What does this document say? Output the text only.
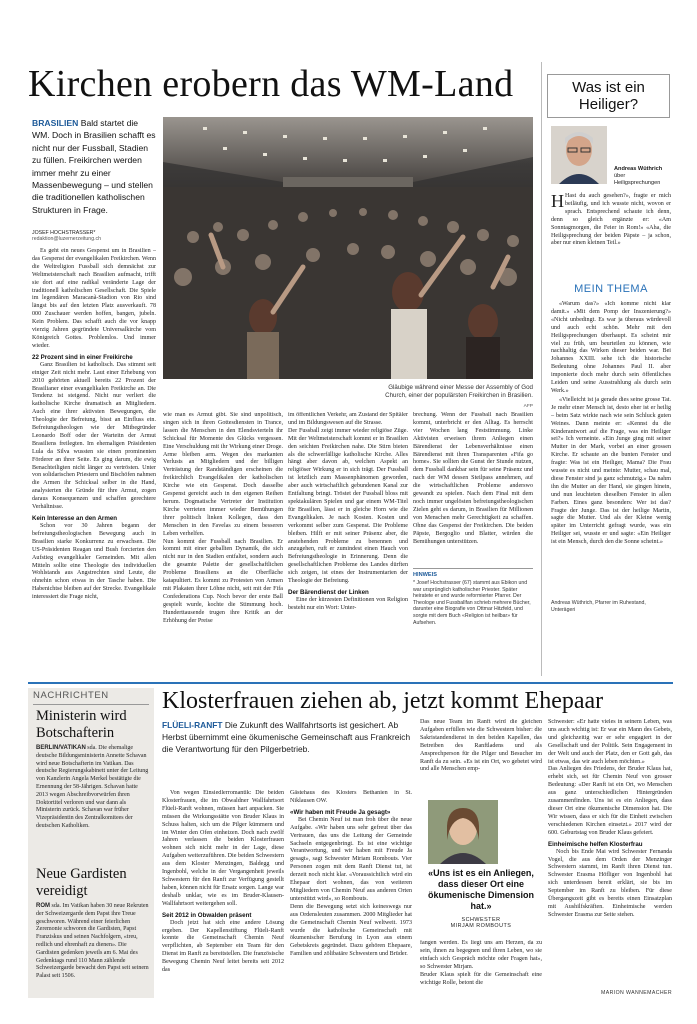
Kirchen erobern das WM-Land
BRASILIEN Bald startet die WM. Doch in Brasilien schafft es nicht nur der Fussball, Stadien zu füllen. Freikirchen werden immer mehr zu einer Massenbewegung – und stellen die traditionellen katholischen Strukturen in Frage.
JOSEF HOCHSTRASSER*
redaktion@luzernerzeitung.ch

Es geht ein neues Gespenst um in Brasilien – das Gespenst der evangelikalen Freikirchen. Wenn die Weltreligion Fussball sich demnächst zur Weltmeisterschaft nach Brasilien aufmacht, trifft sie dort auf eine radikal veränderte Lage der traditionell katholischen Gesellschaft. Die Spiele im legendären Maracanã-Stadion von Rio sind längst bis auf den letzten Platz ausverkauft. 78 000 Zuschauer werden hoffen, bangen, jubeln. Kein Problem. Das schafft auch die vor knapp vierzig Jahren gegründete Universalkirche vom Königreich Gottes. Problemlos. Und immer wieder.

22 Prozent sind in einer Freikirche

Ganz Brasilien ist katholisch. Das stimmt seit einiger Zeit nicht mehr. Laut einer Erhebung von 2010 gehörten aktuell bereits 22 Prozent der Brasilianer einer evangelikalen Freikirche an. Die Tendenz ist steigend. Nicht nur verliert die katholische Kirche dramatisch an Mitgliedern. Auch eine ihrer aktivsten Bewegungen, die Theologie der Befreiung, bisst an Einfluss ein. Befreiungstheologen wie der Mitbegründer Leonardo Boff oder der Warteitn der Armut Brasiliens freilegten. Im ehemaligen Präsidenten Lula da Silva wussten sie einen prominenten Förderer an ihrer Seite. Es ging darum, die ewig Benachteiligten nicht länger zu vertrösten. Unter von solidarischen Priestern und Bischöfen nahmen die Armen ihr Schicksal selber in die Hand, analysierten die Gründe für ihre Armut, zogen daraus Konsequenzen und schaffen gerechtere Verhältnisse.

Kein Interesse an den Armen

Schon vor 30 Jahren begann der befreiungstheologischen Bewegung auch in Brasilien starke Konkurrenz zu erwachsen. Die US-Präsidenten Reagan und Bush forcierten den Aufstieg evangelikaler Gemeinden. Mit allen Mitteln sollte eine Theologie des individuellen Wohlstands aus Angstrechten sind Leute, die ohnehin schon etwas in der Tasche haben. Die Habenichtse bleiben auf der Strecke. Evangelikale interessiert die Frage nicht,

Gläubige während einer Messe der Assembly of God Church, einer der populärsten Freikirchen in Brasilien.
AFP
wie man es Armut gibt. Sie sind unpolitisch, singen sich in ihren Gottesdiensten in Trance, lassen die Menschen in den Elendsvierteln ihr Schicksal für Momente des Glücks vergessen. Eine Verschuldung mit ihr Wirkung einer Droge. Arme bleiben arm. Wegen des markanten Verlusts an Mitgliedern und der billigen Verträstung der Randständigen erscheinen die freikirchlich Evangelikalen der katholischen Kirche wie ein Gespenst. Doch dasselbe Gespenst gereicht auch in den eigenen Reihen herum. Dogmatische Vertreter der Institution Kirche verrieten immer wieder Bemühungen ihrer politisch linken Kollegen, dass den Menschen in den Favelas zu einem besseren Leben verhelfen.
Nun kommt der Fussball nach Brasilien. Er kommt mit einer geballten Dynamik, die sich nicht nur in den Stadien entfaltet, sondern auch die gesamte Palette der gesellschaftlichen Probleme Brasiliens an die Oberfläche katapultiert. Es kommt zu Protesten von Armen mit Plakaten ihrer Löhne nicht, seit mit der Fifa Confederations Cup. Noch bevor der erste Ball gespielt wurde, kochte die Stimmung hoch. Hunderttausende trugen ihre Kritik an der Erhöhung der Preise

im öffentlichen Verkehr, am Zustand der Spitäler und im Bildungswesen auf die Strasse.
Der Fussball zeigt immer wieder religiöse Züge. Mit der Weltmeisterschaft kommt er in Brasilien den seichten Freikirchen nahe. Die Stirn bieten als die schwerfällige katholische Kirche. Alles hängt aber davon ab, welchen Aspekt an religiöser Wirkung er in sich trägt. Der Fussball ist letztlich zum Massenphänomen geworden, aber auch wirtschaftlich gebundenen Kanal zur Entfaltung bringt. Tröstet der Fussball bloss mit spektakulären Spielen und gar einem WM-Titel für Brasilien, lässt er in gleiche Horn wie die Evangelikalen. Je nach Kosten. Kosten und verkommt selber zum Gespenst. Die Probleme bleiben. Hilft er mit seiner Präsenz aber, die anstehenden Probleme zu benennen und anzugehen, ruft er zumindest einen Hauch von Befreiungstheologie in Erinnerung. Denn die gesellschaftlichen Probleme des Landes dürften sich zeigen, ist eines der Instrumentarien der Theologie der Befreiung.

Der Bärendienst der Linken

Eine der kürzesten Definitionen von Religion besteht nur ein Wort: Unter-

brechung. Wenn der Fussball nach Brasilien kommt, unterbricht er den Alltag. Es herrscht vier Wochen lang Feststimmung. Linke Aktivisten erweisen ihrem Anliegen einen Bärendienst der Lebensverhältnisse einen Bärendienst mit ihren Transparenten «Fifa go home». Sie sollten die Gunst der Stunde nutzen, dem Fussball dankbar sein für seine Präsenz und nach der WM dessen Steilpass annehmen, auf die wirtschaftlichen Probleme anderswo gewandt zu spielen. Nach dem Final mit dem noch immer ungelösten befreiungstheologischen Zielen geht es darum, in Brasilien für Millionen von Menschen mehr Gerechtigkeit zu schaffen. Ohne das Gespenst der Freikirchen. Die beiden Päpste, Bergoglio und Blatter, würden die Bemühungen unterstützen.
HINWEIS
* Josef Hochstrasser (67) stammt aus Ebikon und war ursprünglich katholischer Priester. Später heiratete er und wurde reformierter Pfarrer. Der Theologe und Fussballfan schrieb mehrere Bücher, darunter eine Biografie von Ottmar Hitzfeld, und sorgte mit dem Buch «Religion ist heilbar» für Aufsehen.
Was ist ein Heiliger?
Andreas Wüthrich
über Heiligsprechungen
H Hast du auch gesehen?», fragte er mich beiläufig, und ich wusste nicht, wovon er sprach. Entsprechend schaute ich denn, denn so gleich ergänzte er: «Am Sonntagmorgen, die Feier in Rom!» «Aha, die Heiligsprechung der beiden Päpste – ja schon, aber nur einen kleinen Teil.»
MEIN THEMA

«Warum das?» «Ich komme nicht klar damit.» «Mit dem Pomp der Inszenierung?» «Nicht unbedingt. Es war ja überaus würdevoll und auch echt schön. Mehr mit den Heiligsprechungen überhaupt. Es scheint mir viel zu früh, um beurteilen zu können, wie nachhaltig das Wirken dieser beiden war. Bei Johannes XXIII. sehe ich die historische Bedeutung ohne Johannes Paul II. aber imponierte doch mehr durch sein öffentliches Leiden und seine Ausstrahlung als durch sein Werk.»

«Vielleicht ist ja gerade dies seine grosse Tat. Je mehr einer Mensch ist, desto eher ist er heilig – beim Satz wirkte nach wie sein Schluck guten Weines. Dann meinte er: «Kennst du die Kinderantwort auf die Frage, was ein Heiliger sei?» Ich verneinte. «Ein Junge ging mit seiner Mutter in der Mark, vorbei an einer grossen Kirche. Er schaute an die bunten Fenster und fragte: Was ist ein Heiliger, Mama? Die Frau wusste es nicht und meinte: Mutter, schau mal, diese Fenster sind ja ganz schmutzig.» Da nahm ihn die Mutter an der Hand, sie gingen hinein, und nun leuchteten dieselben Fenster in allen Farben. Eines ganz besonders: Wer ist das? Fragte der Junge. Das ist der heilige Martin, sagte die Mutter. Und als der Kleine wenig später im Unterricht gefragt wurde, was ein Heiliger sei, wusste er und sagte: «Ein Heiliger ist ein Mensch, durch den die Sonne scheint.»

Andreas Wüthrich, Pfarrer im Ruhestand, Unterägeri
NACHRICHTEN
Ministerin wird Botschafterin
BERLIN/VATIKAN sda. Die ehemalige deutsche Bildungsministerin Annette Schavan wird neue Botschafterin im Vatikan. Das deutsche Regierungskabinett unter der Leitung von Kanzlerin Angela Merkel bestätigte die Ernennung der 58-Jährigen. Schavan hatte 2013 wegen Abschreibvorwürfen ihren Doktortitel verloren und war dann als Ministerin zurück. Schavan war früher Vizepräsidentin des Zentralkomitees der deutschen Katholiken.
Neue Gardisten vereidigt
ROM sda. Im Vatikan haben 30 neue Rekruten der Schweizergarde dem Papst ihre Treue geschworen. Während einer feierlichen Zeremonie schworen die Gardisten, Papst Franziskus und seinen Nachfolgern, «treu, redlich und ehrenhaft zu dienen». Die Gardisten gedenken jeweils am 6. Mai des Gedenktags rund 110 Mann zählende Schweizergarde bewacht den Papst seit seinem Palast seit 1506.
Klosterfrauen ziehen ab, jetzt kommt Ehepaar
FLÜELI-RANFT Die Zukunft des Wallfahrtsorts ist gesichert. Ab Herbst übernimmt eine ökumenische Gemeinschaft aus Frankreich die Verantwortung für den Pilgerbetrieb.

Von wegen Einsiedlerromantik: Die beiden Klosterfrauen, die im Obwaldner Wallfahrtsort Flüeli-Ranft wohnen, müssen hart anpacken. Sie müssen die Wirkungsstätte von Bruder Klaus in Schuss halten, sich um die Pilger kümmern und im Winter den Ofen einheizen. Doch nach zwölf Jahren verlassen die beiden Klosterfrauen wohnen sich nicht mehr in der Lage, diese Aufgaben weiterzuführen. Die beiden Schwestern aus dem Kloster Menzingen, Baldegg und Ingenbohl, welche in der Vergangenheit jeweils Schwestern für den Ranft zur Verfügung gestellt haben, können nicht für Ersatz sorgen. Lange war deshalb unklar, wie es im Bruder-Klausen-Wallfahrtsort weitergehen soll.

Seit 2012 in Obwalden präsent

Doch jetzt hat sich eine andere Lösung ergeben. Der Kapellenstiftung Flüeli-Ranft konnte die Gemeinschaft Chemin Neuf verpflichten, ab September ein Team für den Dienst im Ranft zu bereitstellen. Die französische Bewegung Chemin Neuf leitet bereits seit 2012 das

Gästehaus des Klosters Bethanien in St. Niklausen OW.

«Wir haben mit Freude Ja gesagt»

Bei Chemin Neuf ist man froh über die neue Aufgabe. «Wir haben uns sehr gefreut über das Vertrauen, das uns die Leitung der Gemeinde Sachseln entgegenbringt. Es ist eine wichtige Verantwortung, und wir haben mit Freude Ja gesagt», sagt Schwester Miriam Rombouts. Vier Personen zogen mit dem Ranft Dienst tut, ist derzeit noch nicht klar. «Voraussichtlich wird ein Ehepaar dort wohnen, das von weiteren Mitgliedern von Chemin Neuf aus anderen Orten unterstützt wird», so Rombouts.
Denn die Bewegung setzt sich keineswegs nur aus Ordensleuten zusammen. 2000 Mitglieder hat die Gemeinschaft Chemin Neuf weltweit. 1973 wurde die katholische Gemeinschaft mit ökumenischer Berufung in Lyon aus einem Gebetskreis gegründet. Dazu gehören Ehepaare, Familien und zölibatäre Schwestern und Brüder.

Das neue Team im Ranft wird die gleichen Aufgaben erfüllen wie die Schwestern bisher: die Sakristandendienst in den beiden Kapellen, das Betreiben des Ranftladens und als Ansprechperson für die Pilger und Besucher im Ranft da zu sein. «Es ist ein Ort, wo gebetet wird und alle Menschen emp-
«Uns ist es ein Anliegen, dass dieser Ort eine ökumenische Dimension hat.»
SCHWESTER
MIRJAM ROMBOUTS
fangen werden. Es liegt uns am Herzen, da zu sein, ihnen zu begegnen und ihren Leben, wo sie einfach sich Gespräch möchte oder Fragen hat», so Schwester Mirjam.
Bruder Klaus spielt für die Gemeinschaft eine wichtige Rolle, betont die

Schwester: «Er hatte vieles in seinem Leben, was uns auch wichtig ist: Er war ein Mann des Gebets, und gleichzeitig war er sehr engagiert in der Gesellschaft und der Politik. Sein Engagement in der Welt und auch der Platz, den er Gott gab, das ist etwas, das wir auch leben möchten.»
Das Anliegen des Friedens, der Bruder Klaus hat, erhebt sich, sei für Chemin Neuf von grosser Bedeutung: «Der Ranft ist ein Ort, wo Menschen aus ganz unterschiedlichen Hintergründen zusammenfinden. Uns ist es ein Anliegen, dass dieser Ort eine ökumenische Dimension hat. Die Wir wissen, dass er sich für die Einheit zwischen verschiedenen Kirchen einsetzt.» 2017 wird der 600. Geburtstag von Bruder Klaus gefeiert.

Einheimische helfen Klosterfrau

Noch bis Ende Mai wird Schwester Fernanda Vogel, die aus dem Orden der Menzinger Schwestern stammt, im Ranft ihren Dienst tun. Schwester Erasma Höfliger von Ingenbohl hat sich unterdessen bereit erklärt, sie bis im September im Ranft zu bleiben. Für diese Übergangszeit gibt es bereits einen Einsatzplan mit Aushilfskräften. Einheimische werden Schwester Erasma zur Seite stehen.

MARION WANNEMACHER
